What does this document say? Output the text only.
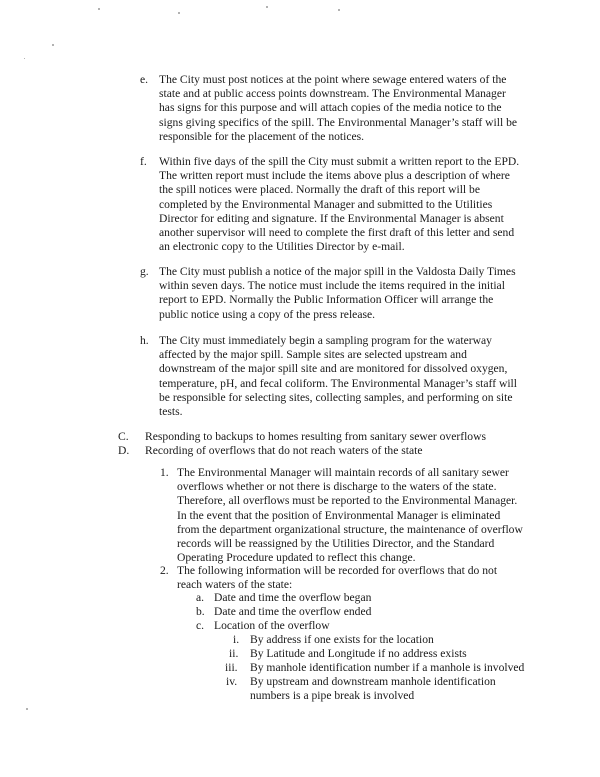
e. The City must post notices at the point where sewage entered waters of the
state and at public access points downstream. The Environmental Manager
has signs for this purpose and will attach copies of the media notice to the
signs giving specifics of the spill. The Environmental Manager’s staff will be
responsible for the placement of the notices.
f. Within five days of the spill the City must submit a written report to the EPD.
The written report must include the items above plus a description of where
the spill notices were placed. Normally the draft of this report will be
completed by the Environmental Manager and submitted to the Utilities
Director for editing and signature. If the Environmental Manager is absent
another supervisor will need to complete the first draft of this letter and send
an electronic copy to the Utilities Director by e-mail.
g. The City must publish a notice of the major spill in the Valdosta Daily Times
within seven days. The notice must include the items required in the initial
report to EPD. Normally the Public Information Officer will arrange the
public notice using a copy of the press release.
h. The City must immediately begin a sampling program for the waterway
affected by the major spill. Sample sites are selected upstream and
downstream of the major spill site and are monitored for dissolved oxygen,
temperature, pH, and fecal coliform. The Environmental Manager’s staff will
be responsible for selecting sites, collecting samples, and performing on site
tests.
C. Responding to backups to homes resulting from sanitary sewer overflows
D. Recording of overflows that do not reach waters of the state
1. The Environmental Manager will maintain records of all sanitary sewer
overflows whether or not there is discharge to the waters of the state.
Therefore, all overflows must be reported to the Environmental Manager.
In the event that the position of Environmental Manager is eliminated
from the department organizational structure, the maintenance of overflow
records will be reassigned by the Utilities Director, and the Standard
Operating Procedure updated to reflect this change.
2. The following information will be recorded for overflows that do not
reach waters of the state:
a. Date and time the overflow began
b. Date and time the overflow ended
c. Location of the overflow
i. By address if one exists for the location
ii. By Latitude and Longitude if no address exists
iii. By manhole identification number if a manhole is involved
iv. By upstream and downstream manhole identification
numbers is a pipe break is involved
